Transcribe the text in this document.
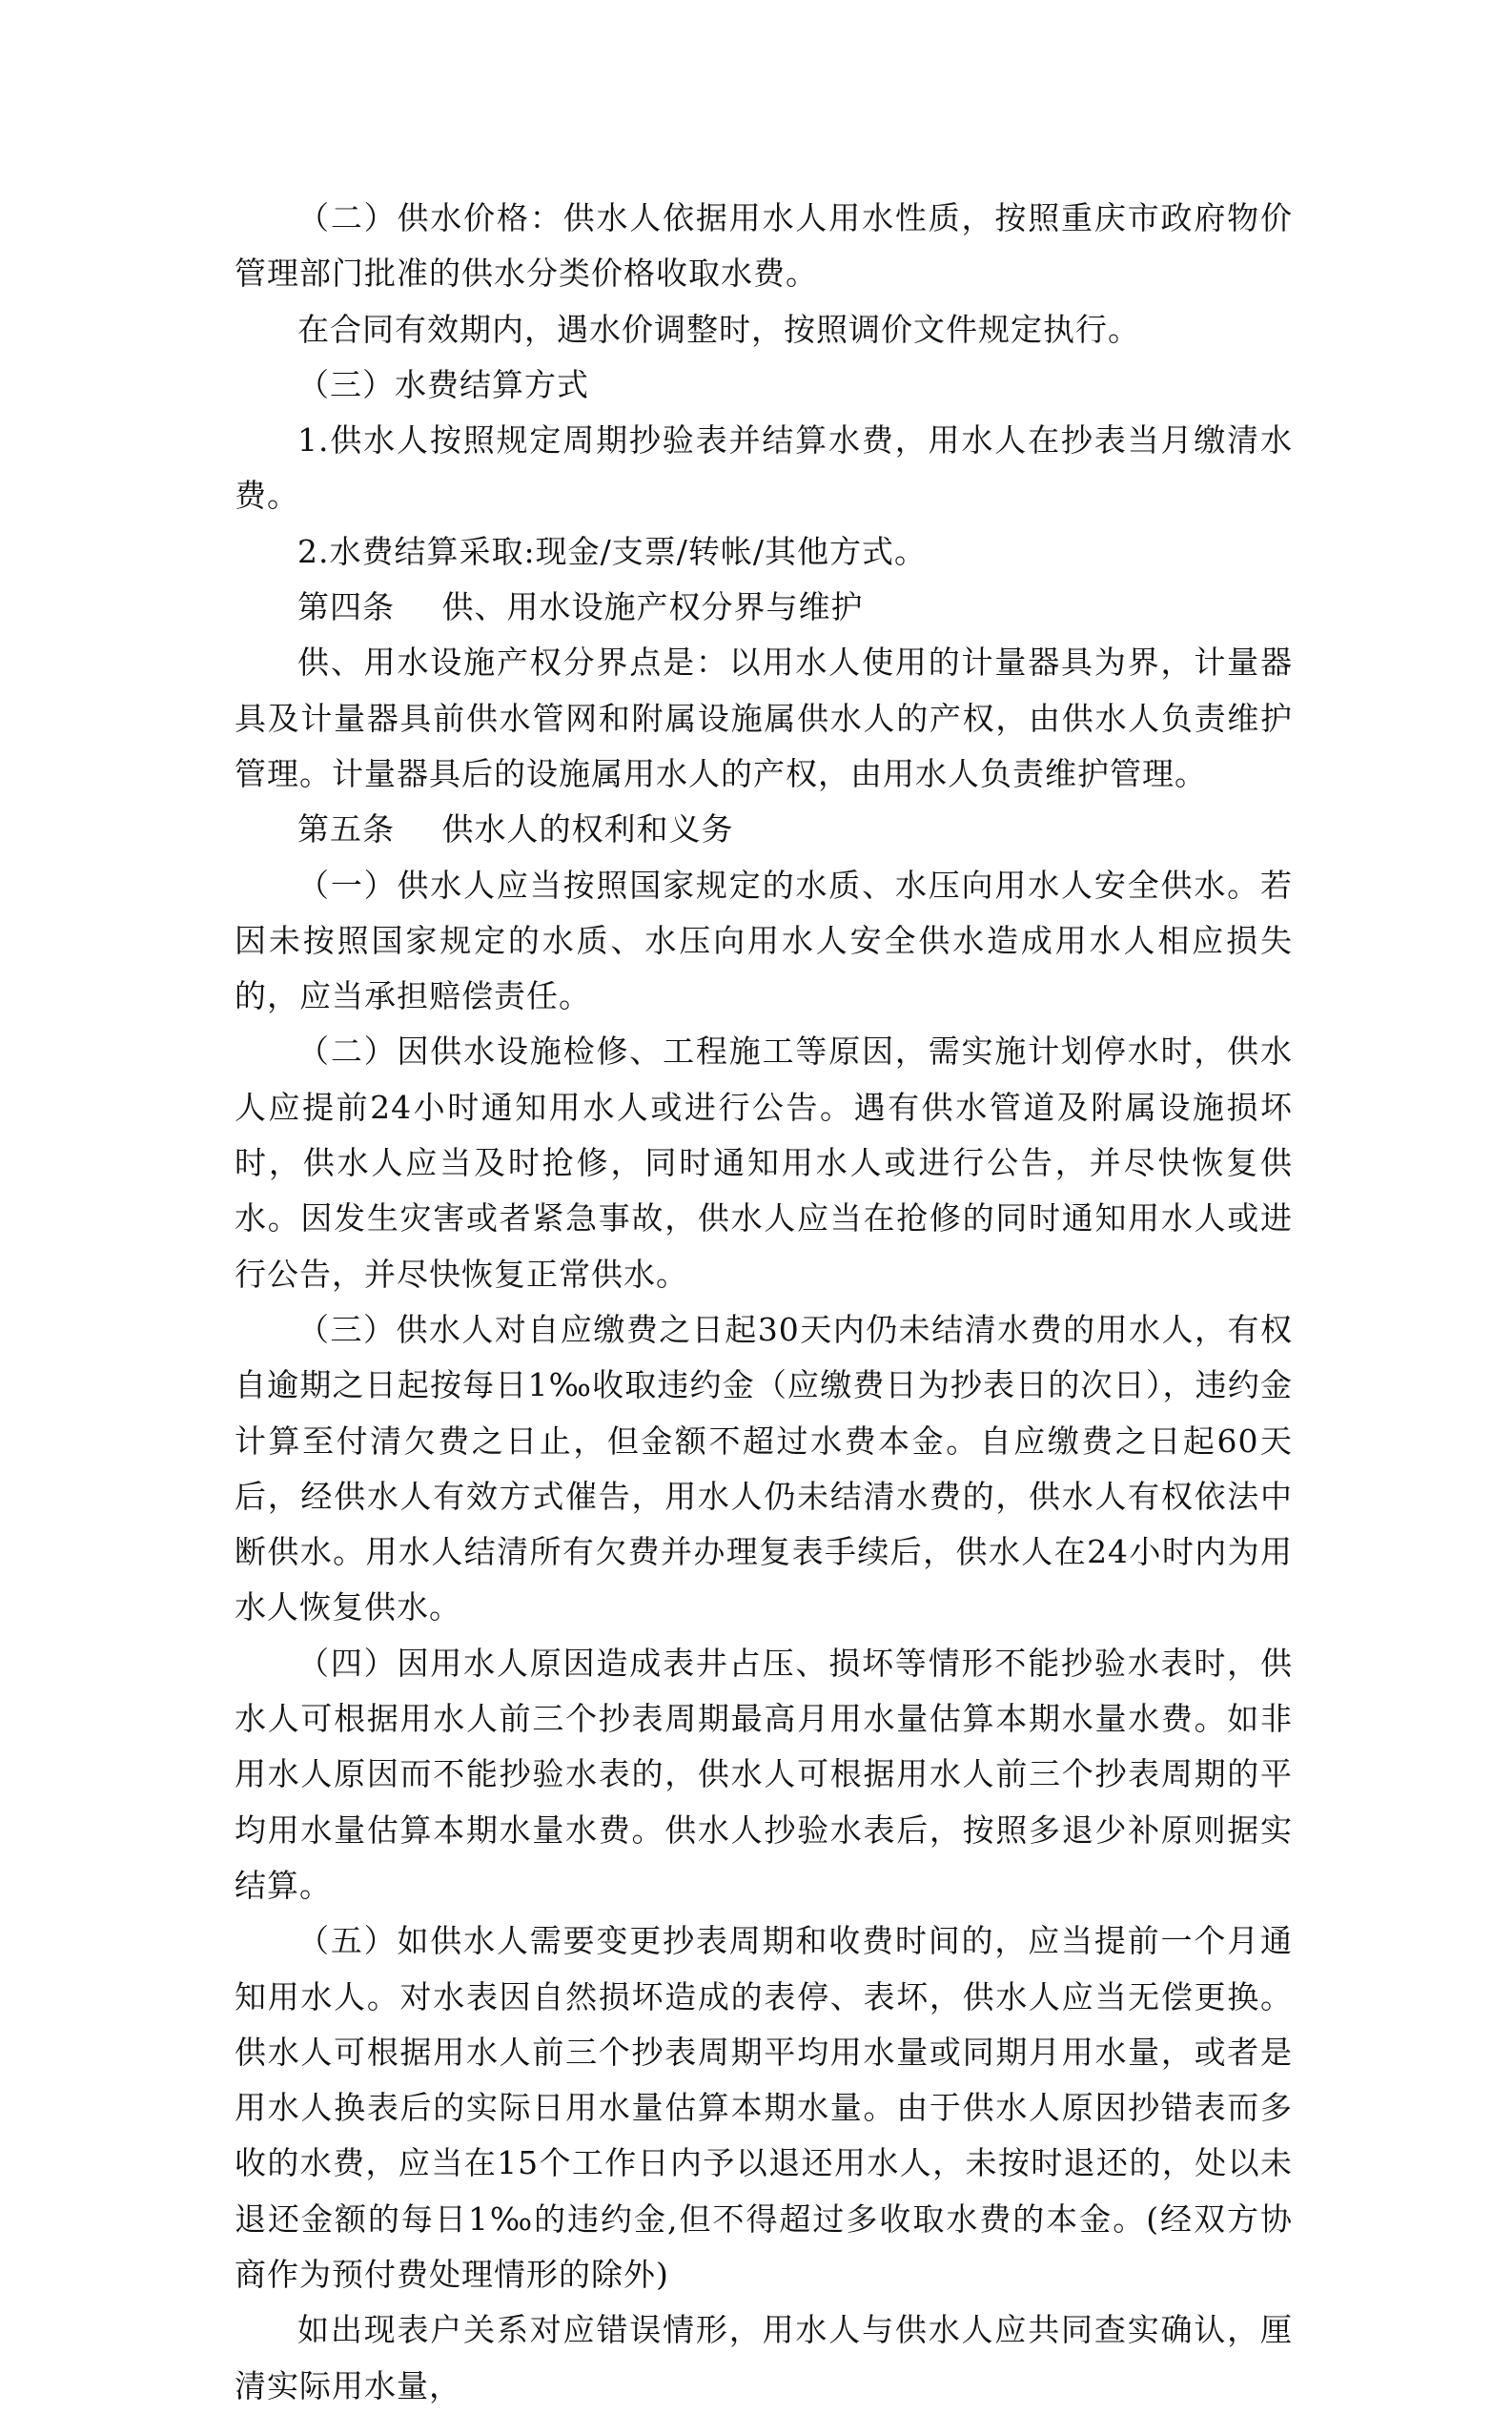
（二）供水价格：供水人依据用水人用水性质，按照重庆市政府物价管理部门批准的供水分类价格收取水费。

在合同有效期内，遇水价调整时，按照调价文件规定执行。

（三）水费结算方式

1.供水人按照规定周期抄验表并结算水费，用水人在抄表当月缴清水费。

2.水费结算采取:现金/支票/转帐/其他方式。

第四条 供、用水设施产权分界与维护

供、用水设施产权分界点是：以用水人使用的计量器具为界，计量器具及计量器具前供水管网和附属设施属供水人的产权，由供水人负责维护管理。计量器具后的设施属用水人的产权，由用水人负责维护管理。

第五条 供水人的权利和义务

（一）供水人应当按照国家规定的水质、水压向用水人安全供水。若因未按照国家规定的水质、水压向用水人安全供水造成用水人相应损失的，应当承担赔偿责任。

（二）因供水设施检修、工程施工等原因，需实施计划停水时，供水人应提前24小时通知用水人或进行公告。遇有供水管道及附属设施损坏时，供水人应当及时抢修，同时通知用水人或进行公告，并尽快恢复供水。因发生灾害或者紧急事故，供水人应当在抢修的同时通知用水人或进行公告，并尽快恢复正常供水。

（三）供水人对自应缴费之日起30天内仍未结清水费的用水人，有权自逾期之日起按每日1‰收取违约金（应缴费日为抄表日的次日），违约金计算至付清欠费之日止，但金额不超过水费本金。自应缴费之日起60天后，经供水人有效方式催告，用水人仍未结清水费的，供水人有权依法中断供水。用水人结清所有欠费并办理复表手续后，供水人在24小时内为用水人恢复供水。

（四）因用水人原因造成表井占压、损坏等情形不能抄验水表时，供水人可根据用水人前三个抄表周期最高月用水量估算本期水量水费。如非用水人原因而不能抄验水表的，供水人可根据用水人前三个抄表周期的平均用水量估算本期水量水费。供水人抄验水表后，按照多退少补原则据实结算。

（五）如供水人需要变更抄表周期和收费时间的，应当提前一个月通知用水人。对水表因自然损坏造成的表停、表坏，供水人应当无偿更换。供水人可根据用水人前三个抄表周期平均用水量或同期月用水量，或者是用水人换表后的实际日用水量估算本期水量。由于供水人原因抄错表而多收的水费，应当在15个工作日内予以退还用水人，未按时退还的，处以未退还金额的每日1‰的违约金,但不得超过多收取水费的本金。(经双方协商作为预付费处理情形的除外)

如出现表户关系对应错误情形，用水人与供水人应共同查实确认，厘清实际用水量，
